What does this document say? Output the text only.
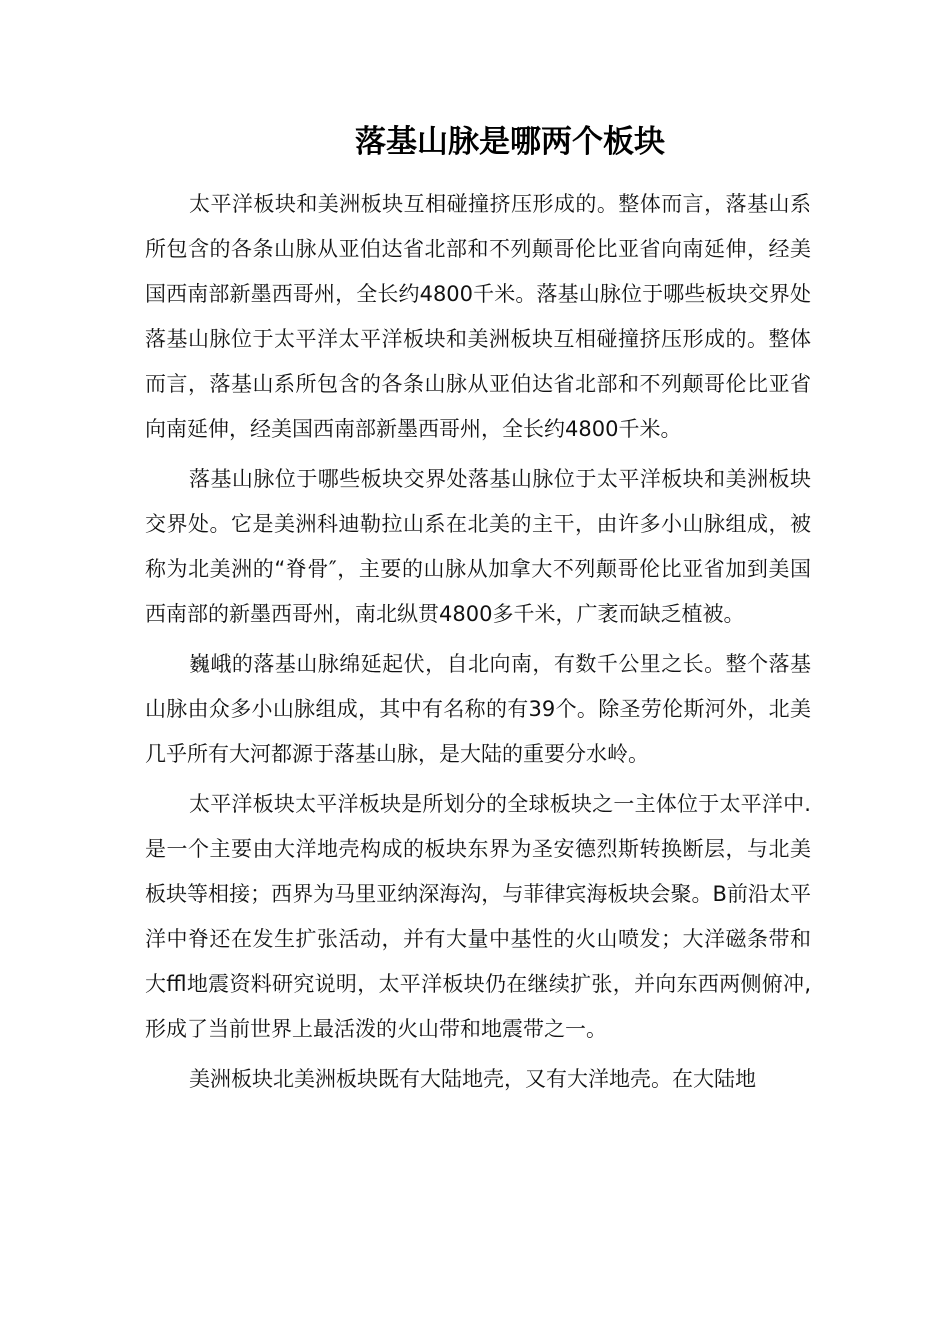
落基山脉是哪两个板块

太平洋板块和美洲板块互相碰撞挤压形成的。整体而言，落基山系所包含的各条山脉从亚伯达省北部和不列颠哥伦比亚省向南延伸，经美国西南部新墨西哥州，全长约4800千米。落基山脉位于哪些板块交界处落基山脉位于太平洋太平洋板块和美洲板块互相碰撞挤压形成的。整体而言，落基山系所包含的各条山脉从亚伯达省北部和不列颠哥伦比亚省向南延伸，经美国西南部新墨西哥州，全长约4800千米。

落基山脉位于哪些板块交界处落基山脉位于太平洋板块和美洲板块交界处。它是美洲科迪勒拉山系在北美的主干，由许多小山脉组成，被称为北美洲的“脊骨″，主要的山脉从加拿大不列颠哥伦比亚省加到美国西南部的新墨西哥州，南北纵贯4800多千米，广袤而缺乏植被。

巍峨的落基山脉绵延起伏，自北向南，有数千公里之长。整个落基山脉由众多小山脉组成，其中有名称的有39个。除圣劳伦斯河外，北美几乎所有大河都源于落基山脉，是大陆的重要分水岭。

太平洋板块太平洋板块是所划分的全球板块之一主体位于太平洋中.是一个主要由大洋地壳构成的板块东界为圣安德烈斯转换断层，与北美板块等相接；西界为马里亚纳深海沟，与菲律宾海板块会聚。B前沿太平洋中脊还在发生扩张活动，并有大量中基性的火山喷发；大洋磁条带和大ffl地震资料研究说明，太平洋板块仍在继续扩张，并向东西两侧俯冲,形成了当前世界上最活泼的火山带和地震带之一。

美洲板块北美洲板块既有大陆地壳，又有大洋地壳。在大陆地
